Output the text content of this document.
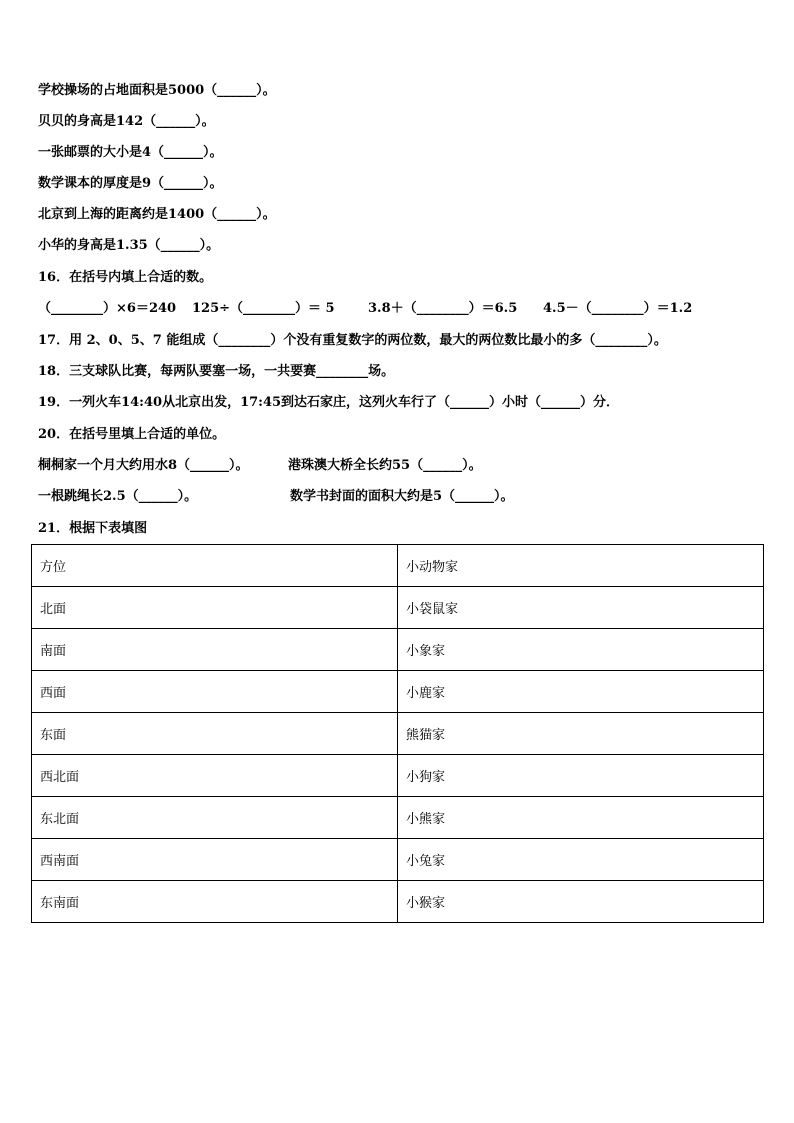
学校操场的占地面积是5000（______）。
贝贝的身高是142（______）。
一张邮票的大小是4（______）。
数学课本的厚度是9（______）。
北京到上海的距离约是1400（______）。
小华的身高是1.35（______）。
16．在括号内填上合适的数。
（________）×6＝240 125÷（________）＝ 5	3.8＋（________）＝6.5 4.5－（________）＝1.2
17．用 2、0、5、7 能组成（________）个没有重复数字的两位数，最大的两位数比最小的多（________）。
18．三支球队比赛，每两队要塞一场，一共要赛________场。
19．一列火车14:40从北京出发，17:45到达石家庄，这列火车行了（______）小时（______）分．
20．在括号里填上合适的单位。
桐桐家一个月大约用水8（______）。	港珠澳大桥全长约55（______）。
一根跳绳长2.5（______）。	数学书封面的面积大约是5（______）。
21．根据下表填图
方位	小动物家
北面	小袋鼠家
南面	小象家
西面	小鹿家
东面	熊猫家
西北面	小狗家
东北面	小熊家
西南面	小兔家
东南面	小猴家
